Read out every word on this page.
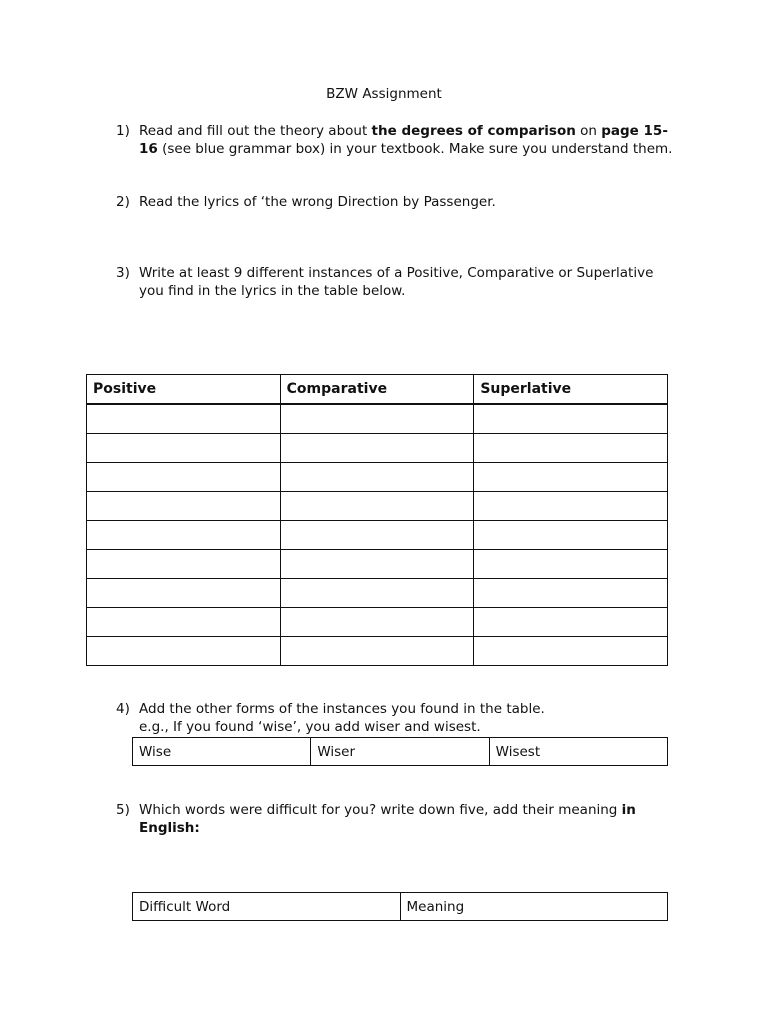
BZW Assignment
1) Read and fill out the theory about the degrees of comparison on page 15-16 (see blue grammar box) in your textbook. Make sure you understand them.
2) Read the lyrics of ‘the wrong Direction by Passenger.
3) Write at least 9 different instances of a Positive, Comparative or Superlative you find in the lyrics in the table below.
Positive	Comparative	Superlative

4) Add the other forms of the instances you found in the table.
e.g., If you found ‘wise’, you add wiser and wisest.
Wise	Wiser	Wisest
5) Which words were difficult for you? write down five, add their meaning in English:
Difficult Word	Meaning
